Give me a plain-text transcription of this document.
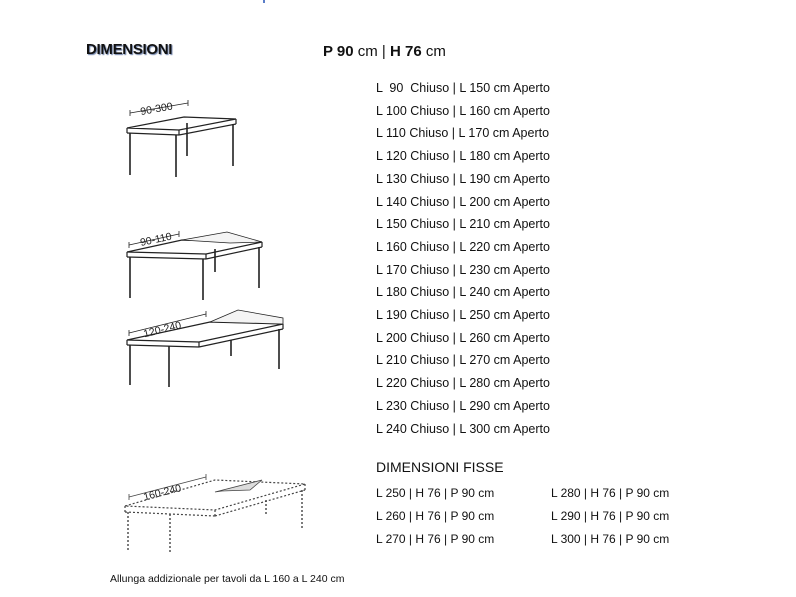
DIMENSIONI	P 90 cm | H 76 cm
90-300
90-110
120-240
160-240
L  90  Chiuso | L 150 cm Aperto
L 100 Chiuso | L 160 cm Aperto
L 110 Chiuso | L 170 cm Aperto
L 120 Chiuso | L 180 cm Aperto
L 130 Chiuso | L 190 cm Aperto
L 140 Chiuso | L 200 cm Aperto
L 150 Chiuso | L 210 cm Aperto
L 160 Chiuso | L 220 cm Aperto
L 170 Chiuso | L 230 cm Aperto
L 180 Chiuso | L 240 cm Aperto
L 190 Chiuso | L 250 cm Aperto
L 200 Chiuso | L 260 cm Aperto
L 210 Chiuso | L 270 cm Aperto
L 220 Chiuso | L 280 cm Aperto
L 230 Chiuso | L 290 cm Aperto
L 240 Chiuso | L 300 cm Aperto
DIMENSIONI FISSE
L 250 | H 76 | P 90 cm
L 260 | H 76 | P 90 cm
L 270 | H 76 | P 90 cm
L 280 | H 76 | P 90 cm
L 290 | H 76 | P 90 cm
L 300 | H 76 | P 90 cm
Allunga addizionale per tavoli da L 160 a L 240 cm
